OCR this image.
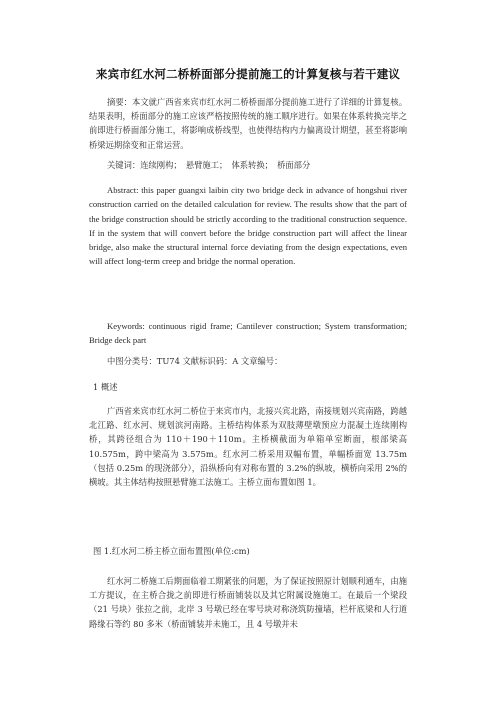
来宾市红水河二桥桥面部分提前施工的计算复核与若干建议

摘要：本文就广西省来宾市红水河二桥桥面部分提前施工进行了详细的计算复核。结果表明，桥面部分的施工应该严格按照传统的施工顺序进行。如果在体系转换完毕之前即进行桥面部分施工，将影响成桥线型，也使得结构内力偏离设计期望，甚至将影响桥梁远期徐变和正常运营。

关键词：连续刚构；　悬臂施工；　体系转换；　桥面部分

Abstract: this paper guangxi laibin city two bridge deck in advance of hongshui river construction carried on the detailed calculation for review. The results show that the part of the bridge construction should be strictly according to the traditional construction sequence. If in the system that will convert before the bridge construction part will affect the linear bridge, also make the structural internal force deviating from the design expectations, even will affect long-term creep and bridge the normal operation.

Keywords: continuous rigid frame; Cantilever construction; System transformation; Bridge deck part

中图分类号：TU74 文献标识码：A 文章编号：

1 概述

广西省来宾市红水河二桥位于来宾市内，北接兴宾北路，南接规划兴宾南路，跨越北江路、红水河、规划滨河南路。主桥结构体系为双肢薄壁墩预应力混凝土连续刚构桥，其跨径组合为 110＋190＋110m。主桥横截面为单箱单室断面，根部梁高 10.575m，跨中梁高为 3.575m。红水河二桥采用双幅布置，单幅桥面宽 13.75m（包括 0.25m 的现浇部分），沿纵桥向有对称布置的 3.2%的纵坡，横桥向采用 2%的横坡。其主体结构按照悬臂施工法施工。主桥立面布置如图 1。

图 1.红水河二桥主桥立面布置图(单位:cm)

红水河二桥施工后期面临着工期紧张的问题，为了保证按照原计划顺利通车，由施工方提议，在主桥合拢之前即进行桥面铺装以及其它附属设施施工。在最后一个梁段（21 号块）张拉之前，北岸 3 号墩已经在零号块对称浇筑防撞墙，栏杆底梁和人行道路缘石等约 80 多米（桥面铺装并未施工，且 4 号墩并未
